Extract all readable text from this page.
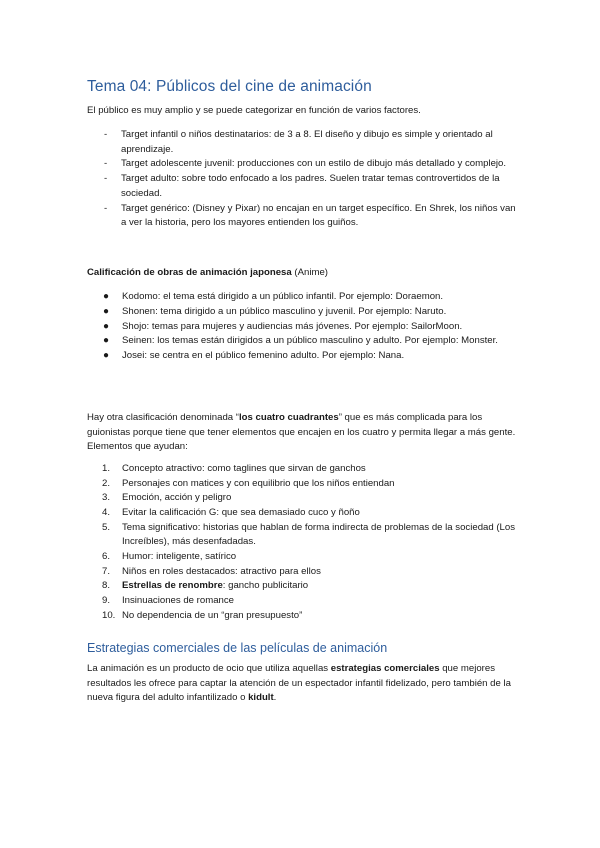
Tema 04: Públicos del cine de animación
El público es muy amplio y se puede categorizar en función de varios factores.
- Target infantil o niños destinatarios: de 3 a 8. El diseño y dibujo es simple y orientado al aprendizaje.
- Target adolescente juvenil: producciones con un estilo de dibujo más detallado y complejo.
- Target adulto: sobre todo enfocado a los padres. Suelen tratar temas controvertidos de la sociedad.
- Target genérico: (Disney y Pixar) no encajan en un target específico. En Shrek, los niños van a ver la historia, pero los mayores entienden los guiños.
Calificación de obras de animación japonesa (Anime)
● Kodomo: el tema está dirigido a un público infantil. Por ejemplo: Doraemon.
● Shonen: tema dirigido a un público masculino y juvenil. Por ejemplo: Naruto.
● Shojo: temas para mujeres y audiencias más jóvenes. Por ejemplo: SailorMoon.
● Seinen: los temas están dirigidos a un público masculino y adulto. Por ejemplo: Monster.
● Josei: se centra en el público femenino adulto. Por ejemplo: Nana.
Hay otra clasificación denominada “los cuatro cuadrantes” que es más complicada para los guionistas porque tiene que tener elementos que encajen en los cuatro y permita llegar a más gente. Elementos que ayudan:
1. Concepto atractivo: como taglines que sirvan de ganchos
2. Personajes con matices y con equilibrio que los niños entiendan
3. Emoción, acción y peligro
4. Evitar la calificación G: que sea demasiado cuco y ñoño
5. Tema significativo: historias que hablan de forma indirecta de problemas de la sociedad (Los Increíbles), más desenfadadas.
6. Humor: inteligente, satírico
7. Niños en roles destacados: atractivo para ellos
8. Estrellas de renombre: gancho publicitario
9. Insinuaciones de romance
10. No dependencia de un “gran presupuesto”
Estrategias comerciales de las películas de animación
La animación es un producto de ocio que utiliza aquellas estrategias comerciales que mejores resultados les ofrece para captar la atención de un espectador infantil fidelizado, pero también de la nueva figura del adulto infantilizado o kidult.
